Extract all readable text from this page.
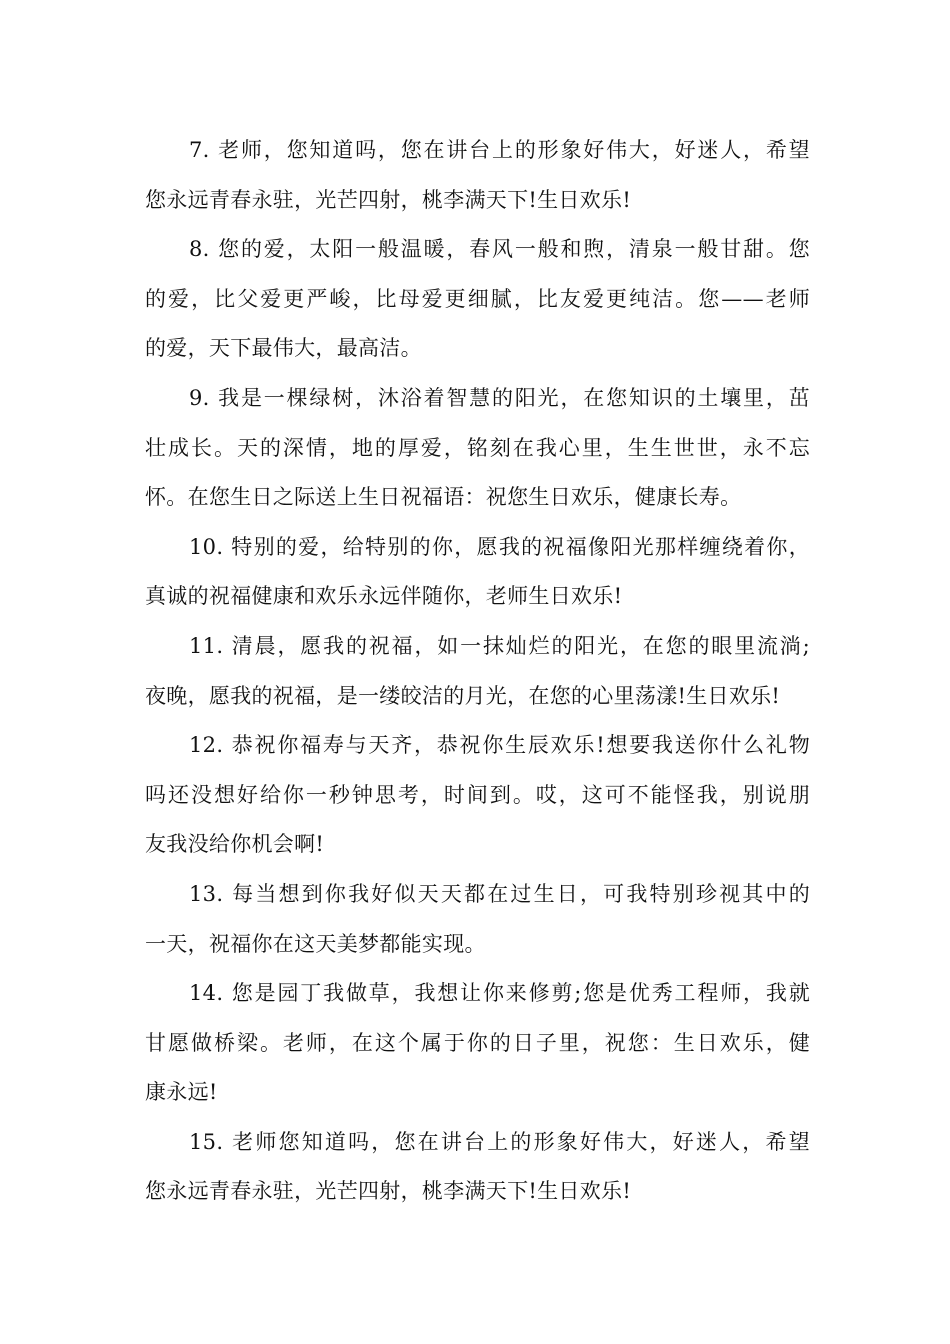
7. 老师，您知道吗，您在讲台上的形象好伟大，好迷人，希望
您永远青春永驻，光芒四射，桃李满天下!生日欢乐!
8. 您的爱，太阳一般温暖，春风一般和煦，清泉一般甘甜。您
的爱，比父爱更严峻，比母爱更细腻，比友爱更纯洁。您——老师
的爱，天下最伟大，最高洁。
9. 我是一棵绿树，沐浴着智慧的阳光，在您知识的土壤里，茁
壮成长。天的深情，地的厚爱，铭刻在我心里，生生世世，永不忘
怀。在您生日之际送上生日祝福语：祝您生日欢乐，健康长寿。
10. 特别的爱，给特别的你，愿我的祝福像阳光那样缠绕着你，
真诚的祝福健康和欢乐永远伴随你，老师生日欢乐!
11. 清晨，愿我的祝福，如一抹灿烂的阳光，在您的眼里流淌;
夜晚，愿我的祝福，是一缕皎洁的月光，在您的心里荡漾!生日欢乐!
12. 恭祝你福寿与天齐，恭祝你生辰欢乐!想要我送你什么礼物
吗还没想好给你一秒钟思考，时间到。哎，这可不能怪我，别说朋
友我没给你机会啊!
13. 每当想到你我好似天天都在过生日，可我特别珍视其中的
一天，祝福你在这天美梦都能实现。
14. 您是园丁我做草，我想让你来修剪;您是优秀工程师，我就
甘愿做桥梁。老师，在这个属于你的日子里，祝您：生日欢乐，健
康永远!
15. 老师您知道吗，您在讲台上的形象好伟大，好迷人，希望
您永远青春永驻，光芒四射，桃李满天下!生日欢乐!
